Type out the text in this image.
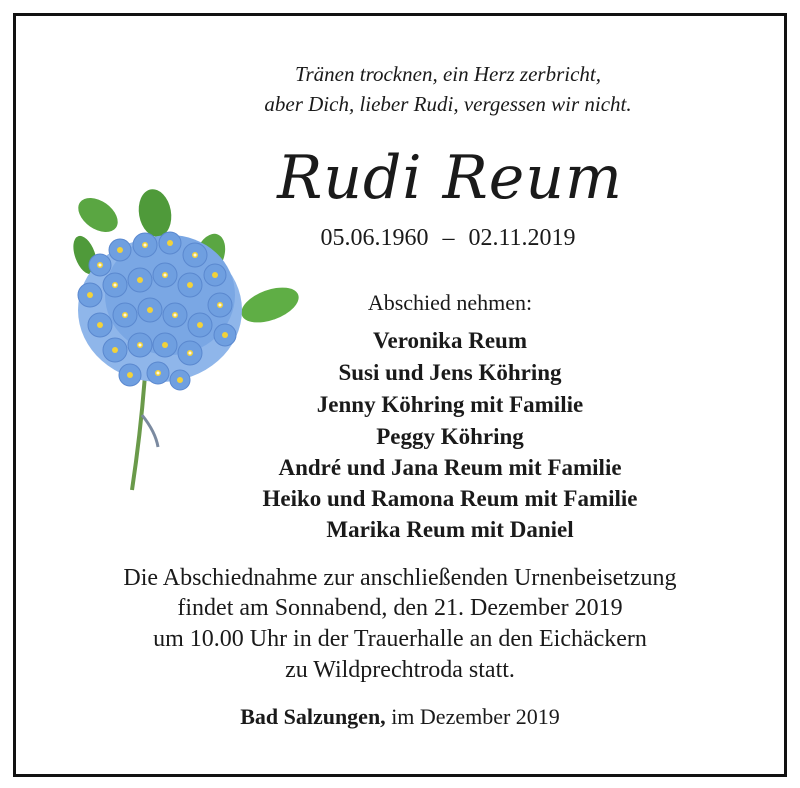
Tränen trocknen, ein Herz zerbricht,
aber Dich, lieber Rudi, vergessen wir nicht.
Rudi Reum
05.06.1960 – 02.11.2019
Abschied nehmen:
Veronika Reum
Susi und Jens Köhring
Jenny Köhring mit Familie
Peggy Köhring
André und Jana Reum mit Familie
Heiko und Ramona Reum mit Familie
Marika Reum mit Daniel
Die Abschiednahme zur anschließenden Urnenbeisetzung
findet am Sonnabend, den 21. Dezember 2019
um 10.00 Uhr in der Trauerhalle an den Eichäckern
zu Wildprechtroda statt.
Bad Salzungen, im Dezember 2019
